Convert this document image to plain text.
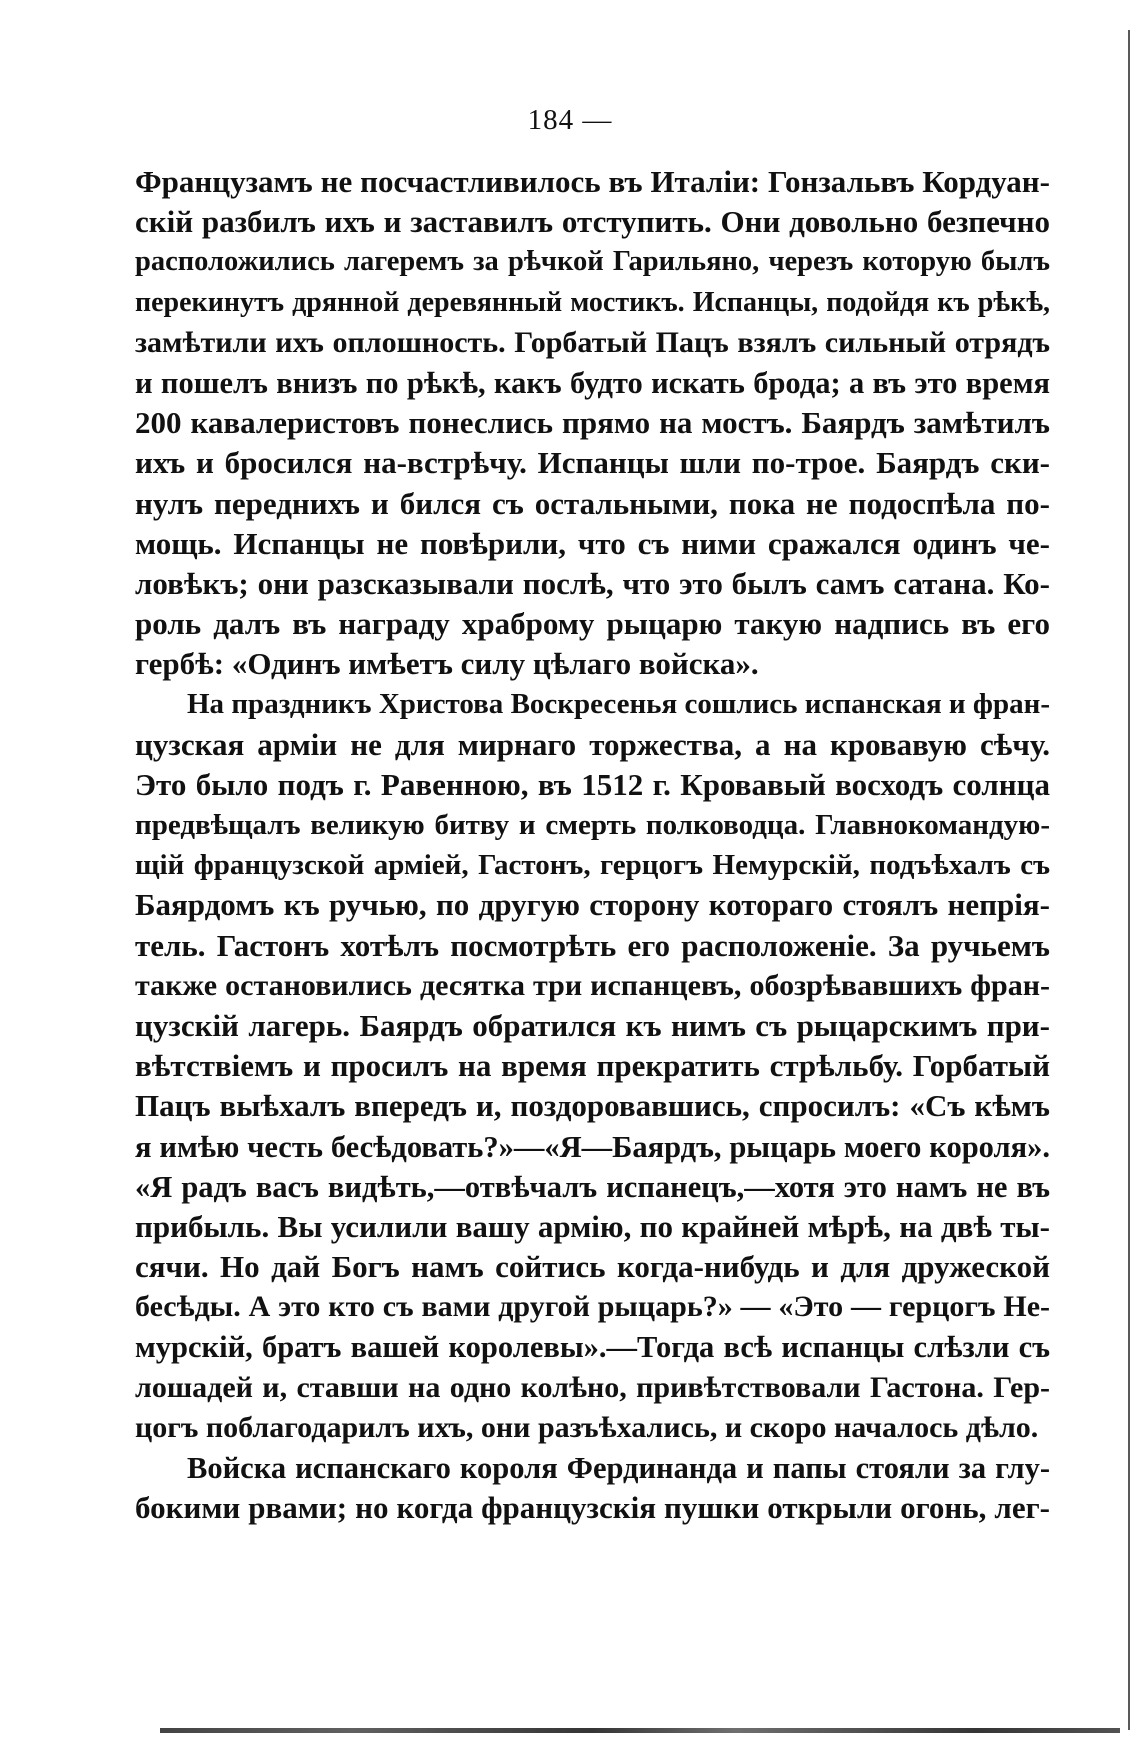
184 —

Французамъ не посчастливилось въ Италіи: Гонзальвъ Кордуан-
скій разбилъ ихъ и заставилъ отступить. Они довольно безпечно
расположились лагеремъ за рѣчкой Гарильяно, черезъ которую былъ
перекинутъ дрянной деревянный мостикъ. Испанцы, подойдя къ рѣкѣ,
замѣтили ихъ оплошность. Горбатый Пацъ взялъ сильный отрядъ
и пошелъ внизъ по рѣкѣ, какъ будто искать брода; а въ это время
200 кавалеристовъ понеслись прямо на мостъ. Баярдъ замѣтилъ
ихъ и бросился на-встрѣчу. Испанцы шли по-трое. Баярдъ ски-
нулъ переднихъ и бился съ остальными, пока не подоспѣла по-
мощь. Испанцы не повѣрили, что съ ними сражался одинъ че-
ловѣкъ; они разсказывали послѣ, что это былъ самъ сатана. Ко-
роль далъ въ награду храброму рыцарю такую надпись въ его
гербѣ: «Одинъ имѣетъ силу цѣлаго войска».

На праздникъ Христова Воскресенья сошлись испанская и фран-
цузская арміи не для мирнаго торжества, а на кровавую сѣчу.
Это было подъ г. Равенною, въ 1512 г. Кровавый восходъ солнца
предвѣщалъ великую битву и смерть полководца. Главнокомандую-
щій французской арміей, Гастонъ, герцогъ Немурскій, подъѣхалъ съ
Баярдомъ къ ручью, по другую сторону котораго стоялъ непрія-
тель. Гастонъ хотѣлъ посмотрѣть его расположеніе. За ручьемъ
также остановились десятка три испанцевъ, обозрѣвавшихъ фран-
цузскій лагерь. Баярдъ обратился къ нимъ съ рыцарскимъ при-
вѣтствіемъ и просилъ на время прекратить стрѣльбу. Горбатый
Пацъ выѣхалъ впередъ и, поздоровавшись, спросилъ: «Съ кѣмъ
я имѣю честь бесѣдовать?»—«Я—Баярдъ, рыцарь моего короля».
«Я радъ васъ видѣть,—отвѣчалъ испанецъ,—хотя это намъ не въ
прибыль. Вы усилили вашу армію, по крайней мѣрѣ, на двѣ ты-
сячи. Но дай Богъ намъ сойтись когда-нибудь и для дружеской
бесѣды. А это кто съ вами другой рыцарь?» — «Это — герцогъ Не-
мурскій, братъ вашей королевы».—Тогда всѣ испанцы слѣзли съ
лошадей и, ставши на одно колѣно, привѣтствовали Гастона. Гер-
цогъ поблагодарилъ ихъ, они разъѣхались, и скоро началось дѣло.

Войска испанскаго короля Фердинанда и папы стояли за глу-
бокими рвами; но когда французскія пушки открыли огонь, лег-
